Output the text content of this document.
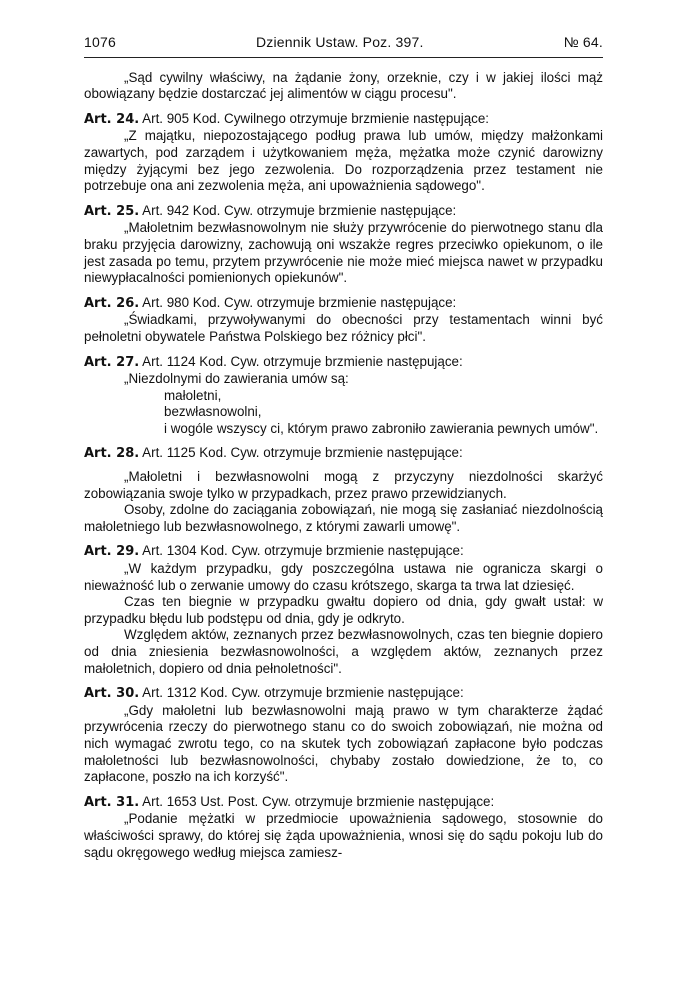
1076	Dziennik Ustaw. Poz. 397.	№ 64.

„Sąd cywilny właściwy, na żądanie żony, orzeknie, czy i w jakiej ilości mąż obowiązany będzie dostarczać jej alimentów w ciągu procesu".

Art. 24. Art. 905 Kod. Cywilnego otrzymuje brzmienie następujące:

„Z majątku, niepozostającego podług prawa lub umów, między małżonkami zawartych, pod zarządem i użytkowaniem męża, mężatka może czynić darowizny między żyjącymi bez jego zezwolenia. Do rozporządzenia przez testament nie potrzebuje ona ani zezwolenia męża, ani upoważnienia sądowego".

Art. 25. Art. 942 Kod. Cyw. otrzymuje brzmienie następujące:

„Małoletnim bezwłasnowolnym nie służy przywrócenie do pierwotnego stanu dla braku przyjęcia darowizny, zachowują oni wszakże regres przeciwko opiekunom, o ile jest zasada po temu, przytem przywrócenie nie może mieć miejsca nawet w przypadku niewypłacalności pomienionych opiekunów".

Art. 26. Art. 980 Kod. Cyw. otrzymuje brzmienie następujące:

„Świadkami, przywoływanymi do obecności przy testamentach winni być pełnoletni obywatele Państwa Polskiego bez różnicy płci".

Art. 27. Art. 1124 Kod. Cyw. otrzymuje brzmienie następujące:

„Niezdolnymi do zawierania umów są:

małoletni,
bezwłasnowolni,
i wogóle wszyscy ci, którym prawo zabroniło zawierania pewnych umów".

Art. 28. Art. 1125 Kod. Cyw. otrzymuje brzmienie następujące:

„Małoletni i bezwłasnowolni mogą z przyczyny niezdolności skarżyć zobowiązania swoje tylko w przypadkach, przez prawo przewidzianych.

Osoby, zdolne do zaciągania zobowiązań, nie mogą się zasłaniać niezdolnością małoletniego lub bezwłasnowolnego, z którymi zawarli umowę".

Art. 29. Art. 1304 Kod. Cyw. otrzymuje brzmienie następujące:

„W każdym przypadku, gdy poszczególna ustawa nie ogranicza skargi o nieważność lub o zerwanie umowy do czasu krótszego, skarga ta trwa lat dziesięć.

Czas ten biegnie w przypadku gwałtu dopiero od dnia, gdy gwałt ustał: w przypadku błędu lub podstępu od dnia, gdy je odkryto.

Względem aktów, zeznanych przez bezwłasnowolnych, czas ten biegnie dopiero od dnia zniesienia bezwłasnowolności, a względem aktów, zeznanych przez małoletnich, dopiero od dnia pełnoletności".

Art. 30. Art. 1312 Kod. Cyw. otrzymuje brzmienie następujące:

„Gdy małoletni lub bezwłasnowolni mają prawo w tym charakterze żądać przywrócenia rzeczy do pierwotnego stanu co do swoich zobowiązań, nie można od nich wymagać zwrotu tego, co na skutek tych zobowiązań zapłacone było podczas małoletności lub bezwłasnowolności, chybaby zostało dowiedzione, że to, co zapłacone, poszło na ich korzyść".

Art. 31. Art. 1653 Ust. Post. Cyw. otrzymuje brzmienie następujące:

„Podanie mężatki w przedmiocie upoważnienia sądowego, stosownie do właściwości sprawy, do której się żąda upoważnienia, wnosi się do sądu pokoju lub do sądu okręgowego według miejsca zamiesz-
